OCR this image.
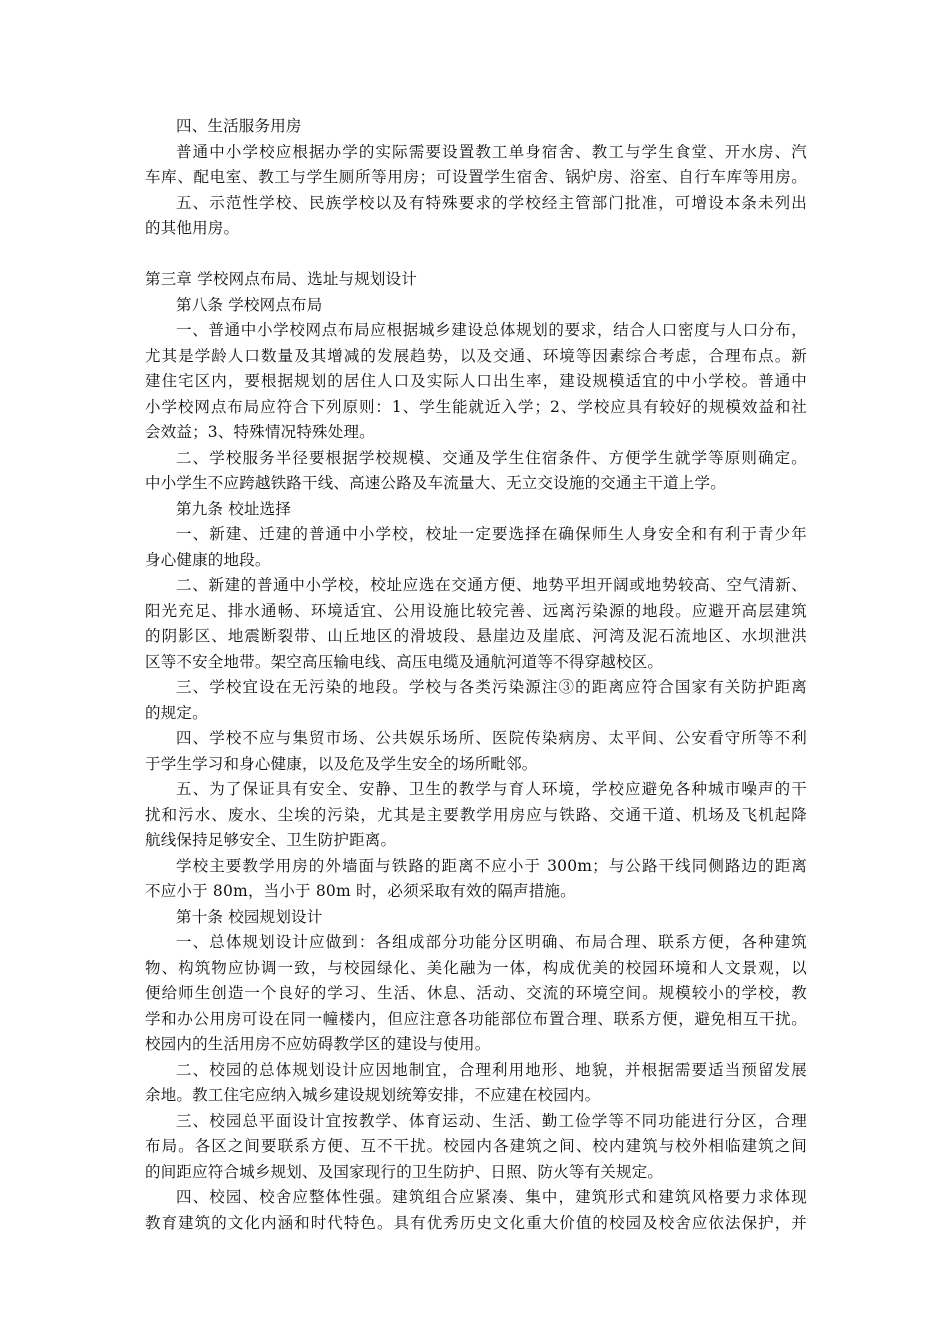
四、生活服务用房
普通中小学校应根据办学的实际需要设置教工单身宿舍、教工与学生食堂、开水房、汽
车库、配电室、教工与学生厕所等用房；可设置学生宿舍、锅炉房、浴室、自行车库等用房。
五、示范性学校、民族学校以及有特殊要求的学校经主管部门批准，可增设本条未列出
的其他用房。
第三章 学校网点布局、选址与规划设计
第八条 学校网点布局
一、普通中小学校网点布局应根据城乡建设总体规划的要求，结合人口密度与人口分布，
尤其是学龄人口数量及其增减的发展趋势，以及交通、环境等因素综合考虑，合理布点。新
建住宅区内，要根据规划的居住人口及实际人口出生率，建设规模适宜的中小学校。普通中
小学校网点布局应符合下列原则：1、学生能就近入学；2、学校应具有较好的规模效益和社
会效益；3、特殊情况特殊处理。
二、学校服务半径要根据学校规模、交通及学生住宿条件、方便学生就学等原则确定。
中小学生不应跨越铁路干线、高速公路及车流量大、无立交设施的交通主干道上学。
第九条 校址选择
一、新建、迁建的普通中小学校，校址一定要选择在确保师生人身安全和有利于青少年
身心健康的地段。
二、新建的普通中小学校，校址应选在交通方便、地势平坦开阔或地势较高、空气清新、
阳光充足、排水通畅、环境适宜、公用设施比较完善、远离污染源的地段。应避开高层建筑
的阴影区、地震断裂带、山丘地区的滑坡段、悬崖边及崖底、河湾及泥石流地区、水坝泄洪
区等不安全地带。架空高压输电线、高压电缆及通航河道等不得穿越校区。
三、学校宜设在无污染的地段。学校与各类污染源注③的距离应符合国家有关防护距离
的规定。
四、学校不应与集贸市场、公共娱乐场所、医院传染病房、太平间、公安看守所等不利
于学生学习和身心健康，以及危及学生安全的场所毗邻。
五、为了保证具有安全、安静、卫生的教学与育人环境，学校应避免各种城市噪声的干
扰和污水、废水、尘埃的污染，尤其是主要教学用房应与铁路、交通干道、机场及飞机起降
航线保持足够安全、卫生防护距离。
学校主要教学用房的外墙面与铁路的距离不应小于 300m；与公路干线同侧路边的距离
不应小于 80m，当小于 80m 时，必须采取有效的隔声措施。
第十条 校园规划设计
一、总体规划设计应做到：各组成部分功能分区明确、布局合理、联系方便，各种建筑
物、构筑物应协调一致，与校园绿化、美化融为一体，构成优美的校园环境和人文景观，以
便给师生创造一个良好的学习、生活、休息、活动、交流的环境空间。规模较小的学校，教
学和办公用房可设在同一幢楼内，但应注意各功能部位布置合理、联系方便，避免相互干扰。
校园内的生活用房不应妨碍教学区的建设与使用。
二、校园的总体规划设计应因地制宜，合理利用地形、地貌，并根据需要适当预留发展
余地。教工住宅应纳入城乡建设规划统筹安排，不应建在校园内。
三、校园总平面设计宜按教学、体育运动、生活、勤工俭学等不同功能进行分区，合理
布局。各区之间要联系方便、互不干扰。校园内各建筑之间、校内建筑与校外相临建筑之间
的间距应符合城乡规划、及国家现行的卫生防护、日照、防火等有关规定。
四、校园、校舍应整体性强。建筑组合应紧凑、集中，建筑形式和建筑风格要力求体现
教育建筑的文化内涵和时代特色。具有优秀历史文化重大价值的校园及校舍应依法保护，并
